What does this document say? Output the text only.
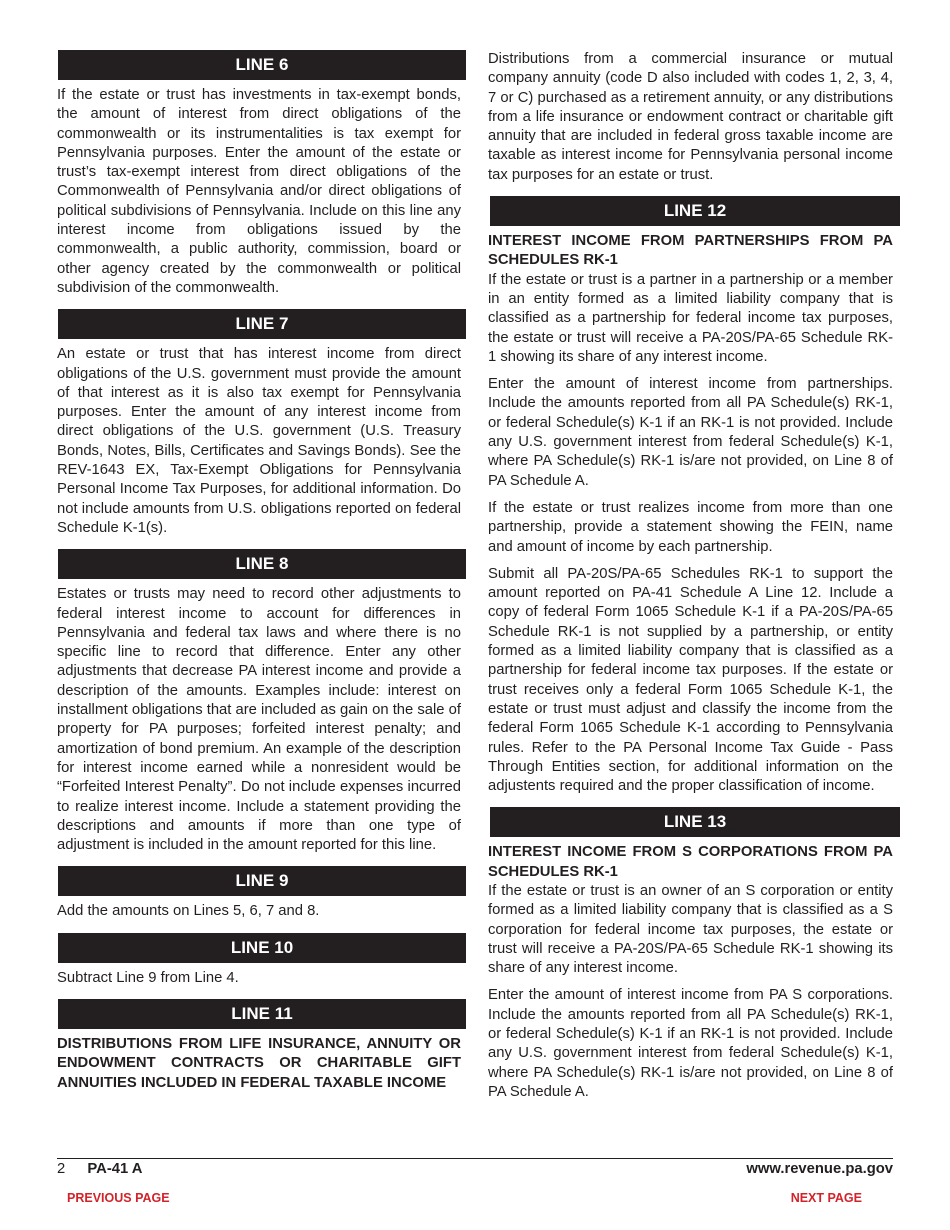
LINE 6

If the estate or trust has investments in tax-exempt bonds, the amount of interest from direct obligations of the commonwealth or its instrumentalities is tax exempt for Pennsylvania purposes. Enter the amount of the estate or trust’s tax-exempt interest from direct obligations of the Commonwealth of Pennsylvania and/or direct obligations of political subdivisions of Pennsylvania. Include on this line any interest income from obligations issued by the commonwealth, a public authority, commission, board or other agency created by the commonwealth or political subdivision of the commonwealth.

LINE 7

An estate or trust that has interest income from direct obligations of the U.S. government must provide the amount of that interest as it is also tax exempt for Pennsylvania purposes. Enter the amount of any interest income from direct obligations of the U.S. government (U.S. Treasury Bonds, Notes, Bills, Certificates and Savings Bonds). See the REV-1643 EX, Tax-Exempt Obligations for Pennsylvania Personal Income Tax Purposes, for additional information. Do not include amounts from U.S. obligations reported on federal Schedule K-1(s).

LINE 8

Estates or trusts may need to record other adjustments to federal interest income to account for differences in Pennsylvania and federal tax laws and where there is no specific line to record that difference. Enter any other adjustments that decrease PA interest income and provide a description of the amounts. Examples include: interest on installment obligations that are included as gain on the sale of property for PA purposes; forfeited interest penalty; and amortization of bond premium. An example of the description for interest income earned while a nonresident would be “Forfeited Interest Penalty”. Do not include expenses incurred to realize interest income. Include a statement providing the descriptions and amounts if more than one type of adjustment is included in the amount reported for this line.

LINE 9

Add the amounts on Lines 5, 6, 7 and 8.

LINE 10

Subtract Line 9 from Line 4.

LINE 11

DISTRIBUTIONS FROM LIFE INSURANCE, ANNUITY OR ENDOWMENT CONTRACTS OR CHARITABLE GIFT ANNUITIES INCLUDED IN FEDERAL TAXABLE INCOME

Distributions from a commercial insurance or mutual company annuity (code D also included with codes 1, 2, 3, 4, 7 or C) purchased as a retirement annuity, or any distributions from a life insurance or endowment contract or charitable gift annuity that are included in federal gross taxable income are taxable as interest income for Pennsylvania personal income tax purposes for an estate or trust.

LINE 12

INTEREST INCOME FROM PARTNERSHIPS FROM PA SCHEDULES RK-1

If the estate or trust is a partner in a partnership or a member in an entity formed as a limited liability company that is classified as a partnership for federal income tax purposes, the estate or trust will receive a PA-20S/PA-65 Schedule RK-1 showing its share of any interest income.

Enter the amount of interest income from partnerships. Include the amounts reported from all PA Schedule(s) RK-1, or federal Schedule(s) K-1 if an RK-1 is not provided. Include any U.S. government interest from federal Schedule(s) K-1, where PA Schedule(s) RK-1 is/are not provided, on Line 8 of PA Schedule A.

If the estate or trust realizes income from more than one partnership, provide a statement showing the FEIN, name and amount of income by each partnership.

Submit all PA-20S/PA-65 Schedules RK-1 to support the amount reported on PA-41 Schedule A Line 12. Include a copy of federal Form 1065 Schedule K-1 if a PA-20S/PA-65 Schedule RK-1 is not supplied by a partnership, or entity formed as a limited liability company that is classified as a partnership for federal income tax purposes. If the estate or trust receives only a federal Form 1065 Schedule K-1, the estate or trust must adjust and classify the income from the federal Form 1065 Schedule K-1 according to Pennsylvania rules. Refer to the PA Personal Income Tax Guide - Pass Through Entities section, for additional information on the adjustents required and the proper classification of income.

LINE 13

INTEREST INCOME FROM S CORPORATIONS FROM PA SCHEDULES RK-1

If the estate or trust is an owner of an S corporation or entity formed as a limited liability company that is classified as a S corporation for federal income tax purposes, the estate or trust will receive a PA-20S/PA-65 Schedule RK-1 showing its share of any interest income.

Enter the amount of interest income from PA S corporations. Include the amounts reported from all PA Schedule(s) RK-1, or federal Schedule(s) K-1 if an RK-1 is not provided. Include any U.S. government interest from federal Schedule(s) K-1, where PA Schedule(s) RK-1 is/are not provided, on Line 8 of PA Schedule A.

2 PA-41 A	www.revenue.pa.gov
PREVIOUS PAGE	NEXT PAGE
